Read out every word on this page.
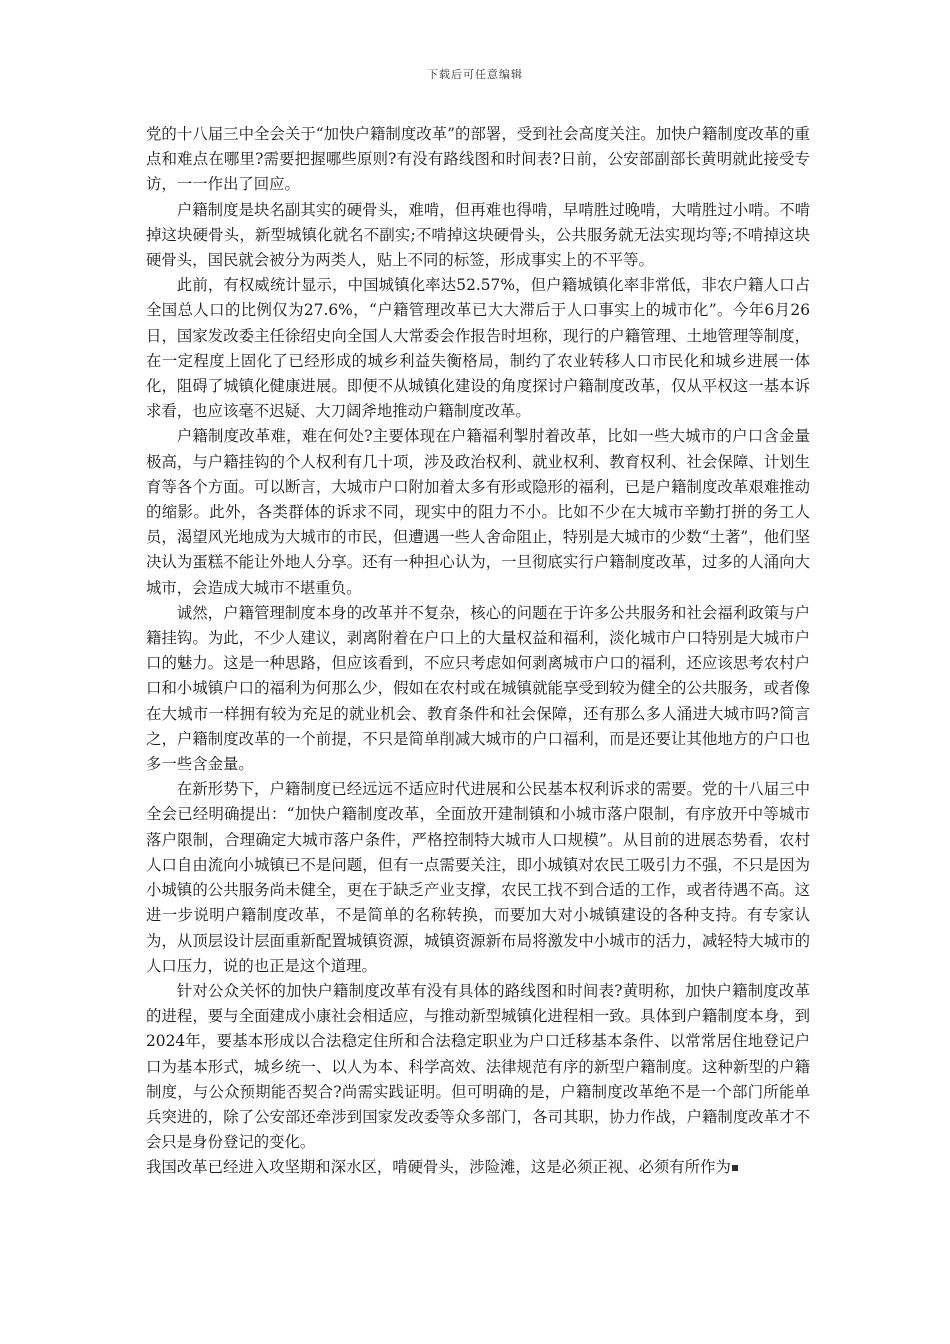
下载后可任意编辑

党的十八届三中全会关于“加快户籍制度改革”的部署，受到社会高度关注。加快户籍制度改革的重点和难点在哪里?需要把握哪些原则?有没有路线图和时间表?日前，公安部副部长黄明就此接受专访，一一作出了回应。

户籍制度是块名副其实的硬骨头，难啃，但再难也得啃，早啃胜过晚啃，大啃胜过小啃。不啃掉这块硬骨头，新型城镇化就名不副实;不啃掉这块硬骨头，公共服务就无法实现均等;不啃掉这块硬骨头，国民就会被分为两类人，贴上不同的标签，形成事实上的不平等。

此前，有权威统计显示，中国城镇化率达52.57%，但户籍城镇化率非常低，非农户籍人口占全国总人口的比例仅为27.6%，“户籍管理改革已大大滞后于人口事实上的城市化”。今年6月26日，国家发改委主任徐绍史向全国人大常委会作报告时坦称，现行的户籍管理、土地管理等制度，在一定程度上固化了已经形成的城乡利益失衡格局，制约了农业转移人口市民化和城乡进展一体化，阻碍了城镇化健康进展。即便不从城镇化建设的角度探讨户籍制度改革，仅从平权这一基本诉求看，也应该毫不迟疑、大刀阔斧地推动户籍制度改革。

户籍制度改革难，难在何处?主要体现在户籍福利掣肘着改革，比如一些大城市的户口含金量极高，与户籍挂钩的个人权利有几十项，涉及政治权利、就业权利、教育权利、社会保障、计划生育等各个方面。可以断言，大城市户口附加着太多有形或隐形的福利，已是户籍制度改革艰难推动的缩影。此外，各类群体的诉求不同，现实中的阻力不小。比如不少在大城市辛勤打拼的务工人员，渴望风光地成为大城市的市民，但遭遇一些人舍命阻止，特别是大城市的少数“土著”，他们坚决认为蛋糕不能让外地人分享。还有一种担心认为，一旦彻底实行户籍制度改革，过多的人涌向大城市，会造成大城市不堪重负。

诚然，户籍管理制度本身的改革并不复杂，核心的问题在于许多公共服务和社会福利政策与户籍挂钩。为此，不少人建议，剥离附着在户口上的大量权益和福利，淡化城市户口特别是大城市户口的魅力。这是一种思路，但应该看到，不应只考虑如何剥离城市户口的福利，还应该思考农村户口和小城镇户口的福利为何那么少，假如在农村或在城镇就能享受到较为健全的公共服务，或者像在大城市一样拥有较为充足的就业机会、教育条件和社会保障，还有那么多人涌进大城市吗?简言之，户籍制度改革的一个前提，不只是简单削减大城市的户口福利，而是还要让其他地方的户口也多一些含金量。

在新形势下，户籍制度已经远远不适应时代进展和公民基本权利诉求的需要。党的十八届三中全会已经明确提出：“加快户籍制度改革，全面放开建制镇和小城市落户限制，有序放开中等城市落户限制，合理确定大城市落户条件，严格控制特大城市人口规模”。从目前的进展态势看，农村人口自由流向小城镇已不是问题，但有一点需要关注，即小城镇对农民工吸引力不强，不只是因为小城镇的公共服务尚未健全，更在于缺乏产业支撑，农民工找不到合适的工作，或者待遇不高。这进一步说明户籍制度改革，不是简单的名称转换，而要加大对小城镇建设的各种支持。有专家认为，从顶层设计层面重新配置城镇资源，城镇资源新布局将激发中小城市的活力，减轻特大城市的人口压力，说的也正是这个道理。

针对公众关怀的加快户籍制度改革有没有具体的路线图和时间表?黄明称，加快户籍制度改革的进程，要与全面建成小康社会相适应，与推动新型城镇化进程相一致。具体到户籍制度本身，到2024年，要基本形成以合法稳定住所和合法稳定职业为户口迁移基本条件、以常常居住地登记户口为基本形式，城乡统一、以人为本、科学高效、法律规范有序的新型户籍制度。这种新型的户籍制度，与公众预期能否契合?尚需实践证明。但可明确的是，户籍制度改革绝不是一个部门所能单兵突进的，除了公安部还牵涉到国家发改委等众多部门，各司其职，协力作战，户籍制度改革才不会只是身份登记的变化。

我国改革已经进入攻坚期和深水区，啃硬骨头，涉险滩，这是必须正视、必须有所作为
